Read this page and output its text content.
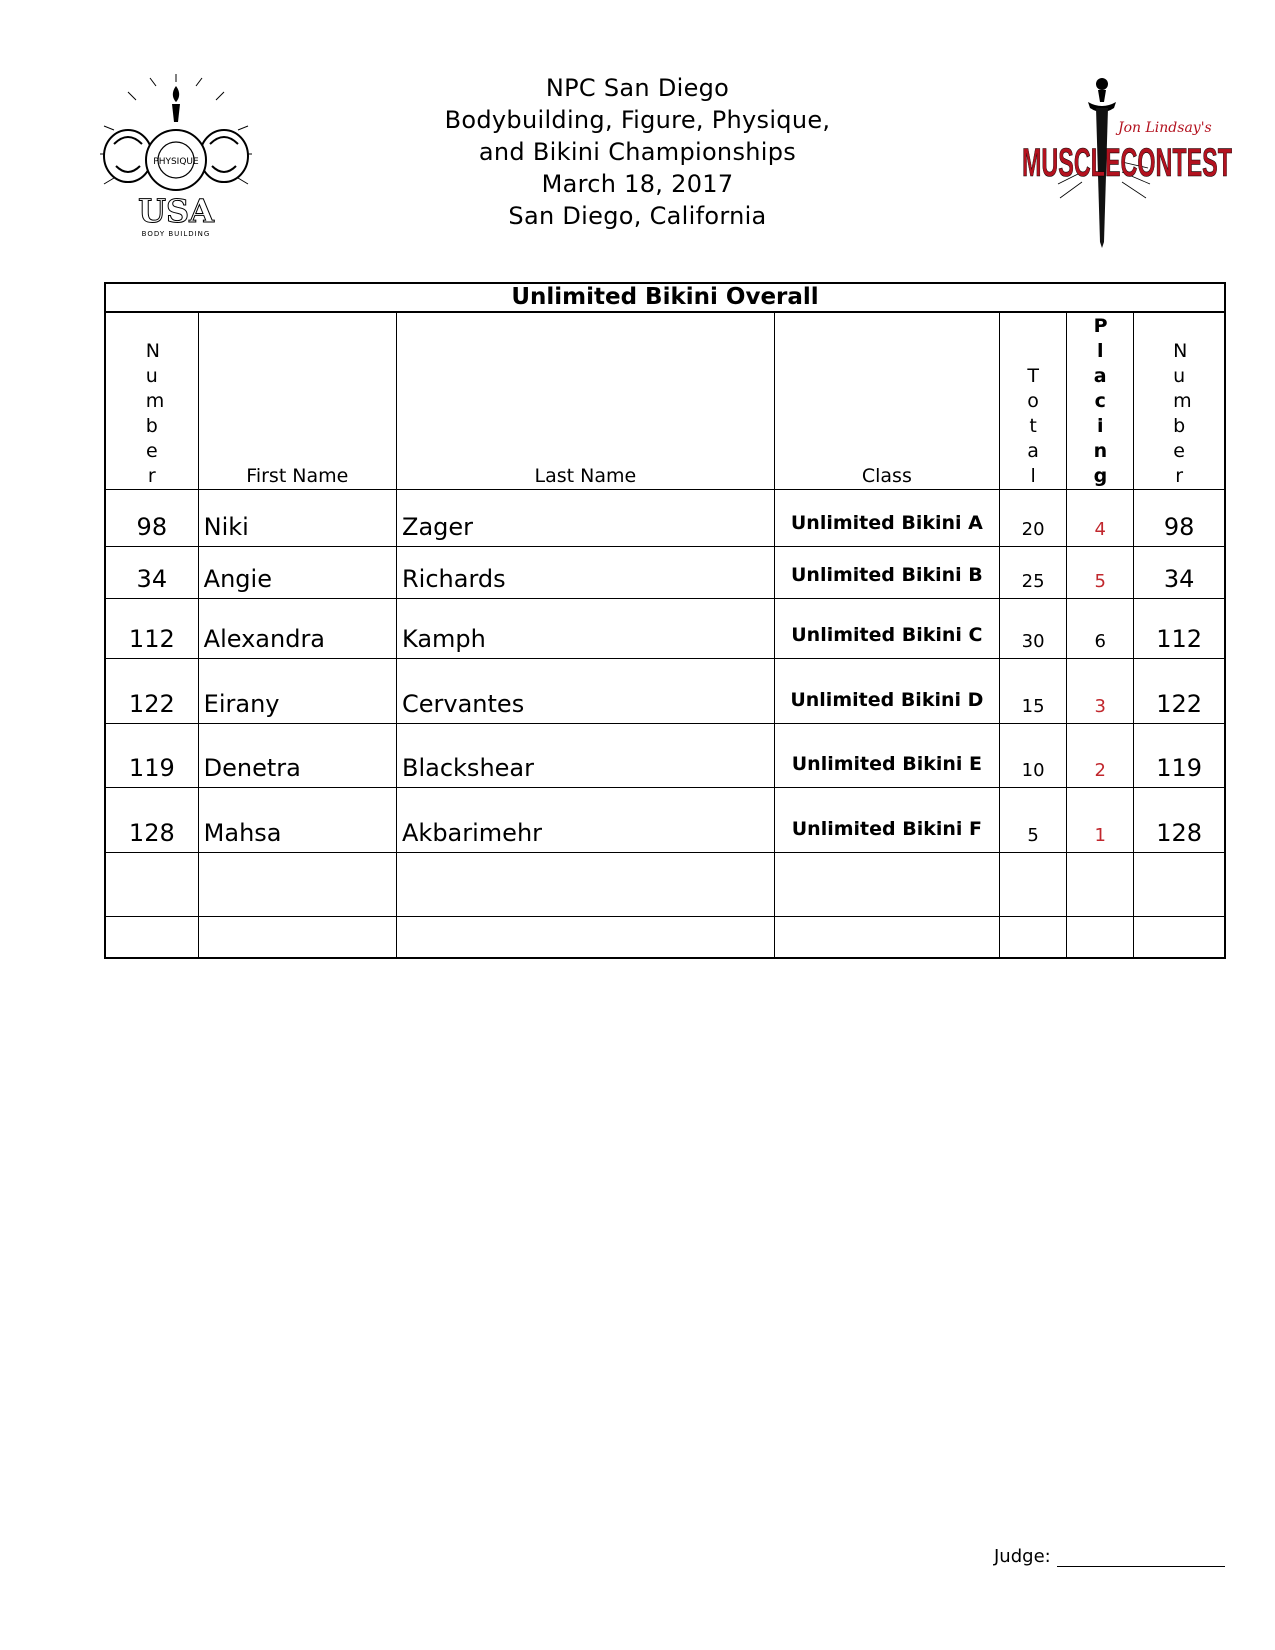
NPC San Diego
Bodybuilding, Figure, Physique,
and Bikini Championships
March 18, 2017
San Diego, California
PHYSIQUE
USA
BODY BUILDING
Jon Lindsay's
MUSCLECONTEST
Unlimited Bikini Overall
Number	First Name	Last Name	Class	Total	Placing	Number
98	Niki	Zager	Unlimited Bikini A	20	4	98
34	Angie	Richards	Unlimited Bikini B	25	5	34
112	Alexandra	Kamph	Unlimited Bikini C	30	6	112
122	Eirany	Cervantes	Unlimited Bikini D	15	3	122
119	Denetra	Blackshear	Unlimited Bikini E	10	2	119
128	Mahsa	Akbarimehr	Unlimited Bikini F	5	1	128

Judge:
